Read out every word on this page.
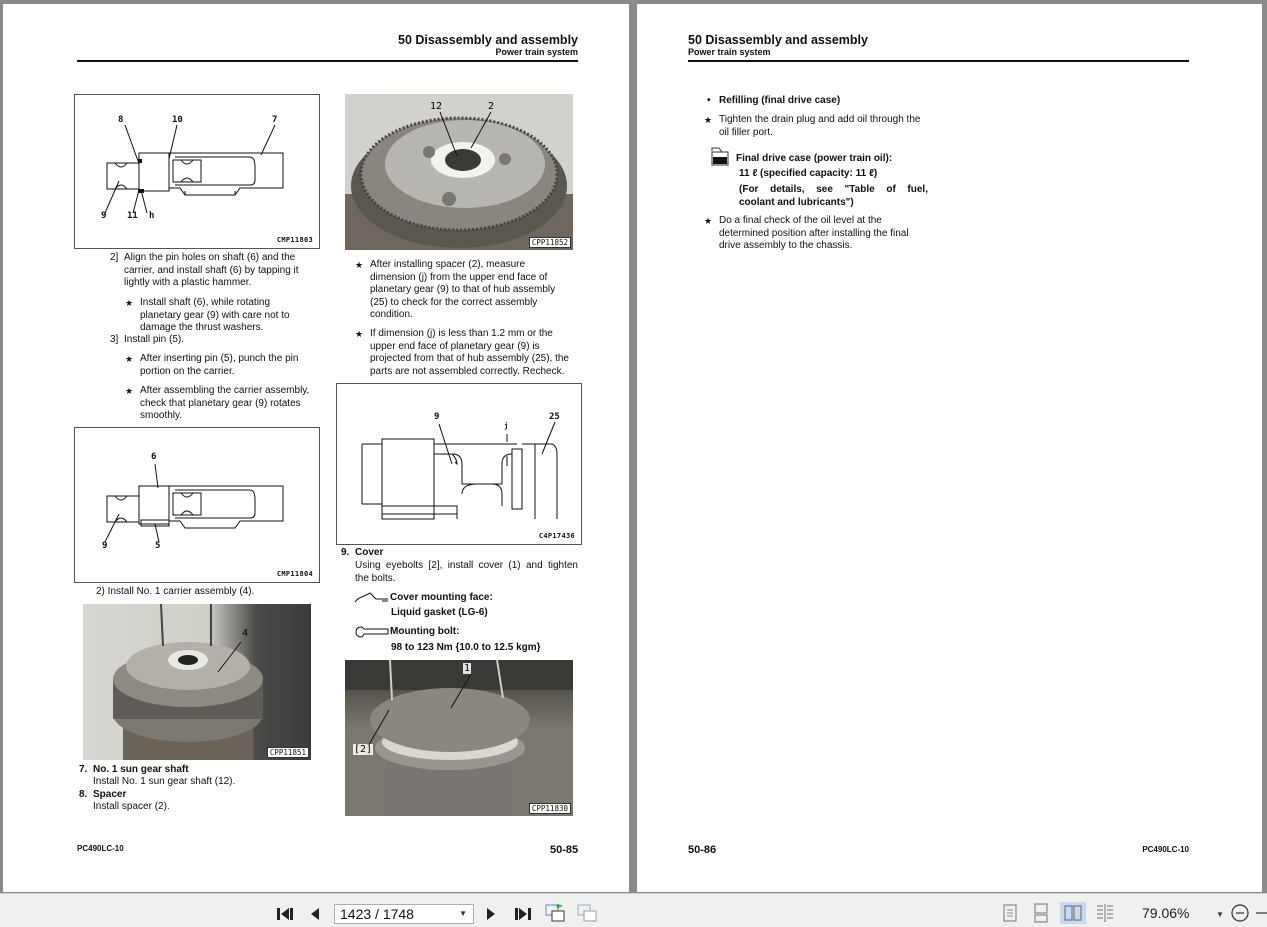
50 Disassembly and assembly
Power train system
8	10	7
9 11 h
CMP11803
2] Align the pin holes on shaft (6) and the
carrier, and install shaft (6) by tapping it
lightly with a plastic hammer.
★ Install shaft (6), while rotating
planetary gear (9) with care not to
damage the thrust washers.
3] Install pin (5).
★ After inserting pin (5), punch the pin
portion on the carrier.
★ After assembling the carrier assembly,
check that planetary gear (9) rotates
smoothly.
6
9	5
CMP11804
2) Install No. 1 carrier assembly (4).
4
CPP11851
7. No. 1 sun gear shaft
Install No. 1 sun gear shaft (12).
8. Spacer
Install spacer (2).
12	2
CPP11852
★ After installing spacer (2), measure
dimension (j) from the upper end face of
planetary gear (9) to that of hub assembly
(25) to check for the correct assembly
condition.
★ If dimension (j) is less than 1.2 mm or the
upper end face of planetary gear (9) is
projected from that of hub assembly (25), the
parts are not assembled correctly. Recheck.
9
j
25
C4P17436
9. Cover
Using eyebolts [2], install cover (1) and tighten
the bolts.
Cover mounting face:
Liquid gasket (LG-6)
Mounting bolt:
98 to 123 Nm {10.0 to 12.5 kgm}
1
[2]
CPP11830
PC490LC-10	50-85
50 Disassembly and assembly
Power train system
• Refilling (final drive case)
★ Tighten the drain plug and add oil through the
oil filler port.
Final drive case (power train oil):
11 ℓ (specified capacity: 11 ℓ)
(For details, see "Table of fuel,
coolant and lubricants")
★ Do a final check of the oil level at the
determined position after installing the final
drive assembly to the chassis.
50-86	PC490LC-10
1423 / 1748	▼	79.06%	▼
